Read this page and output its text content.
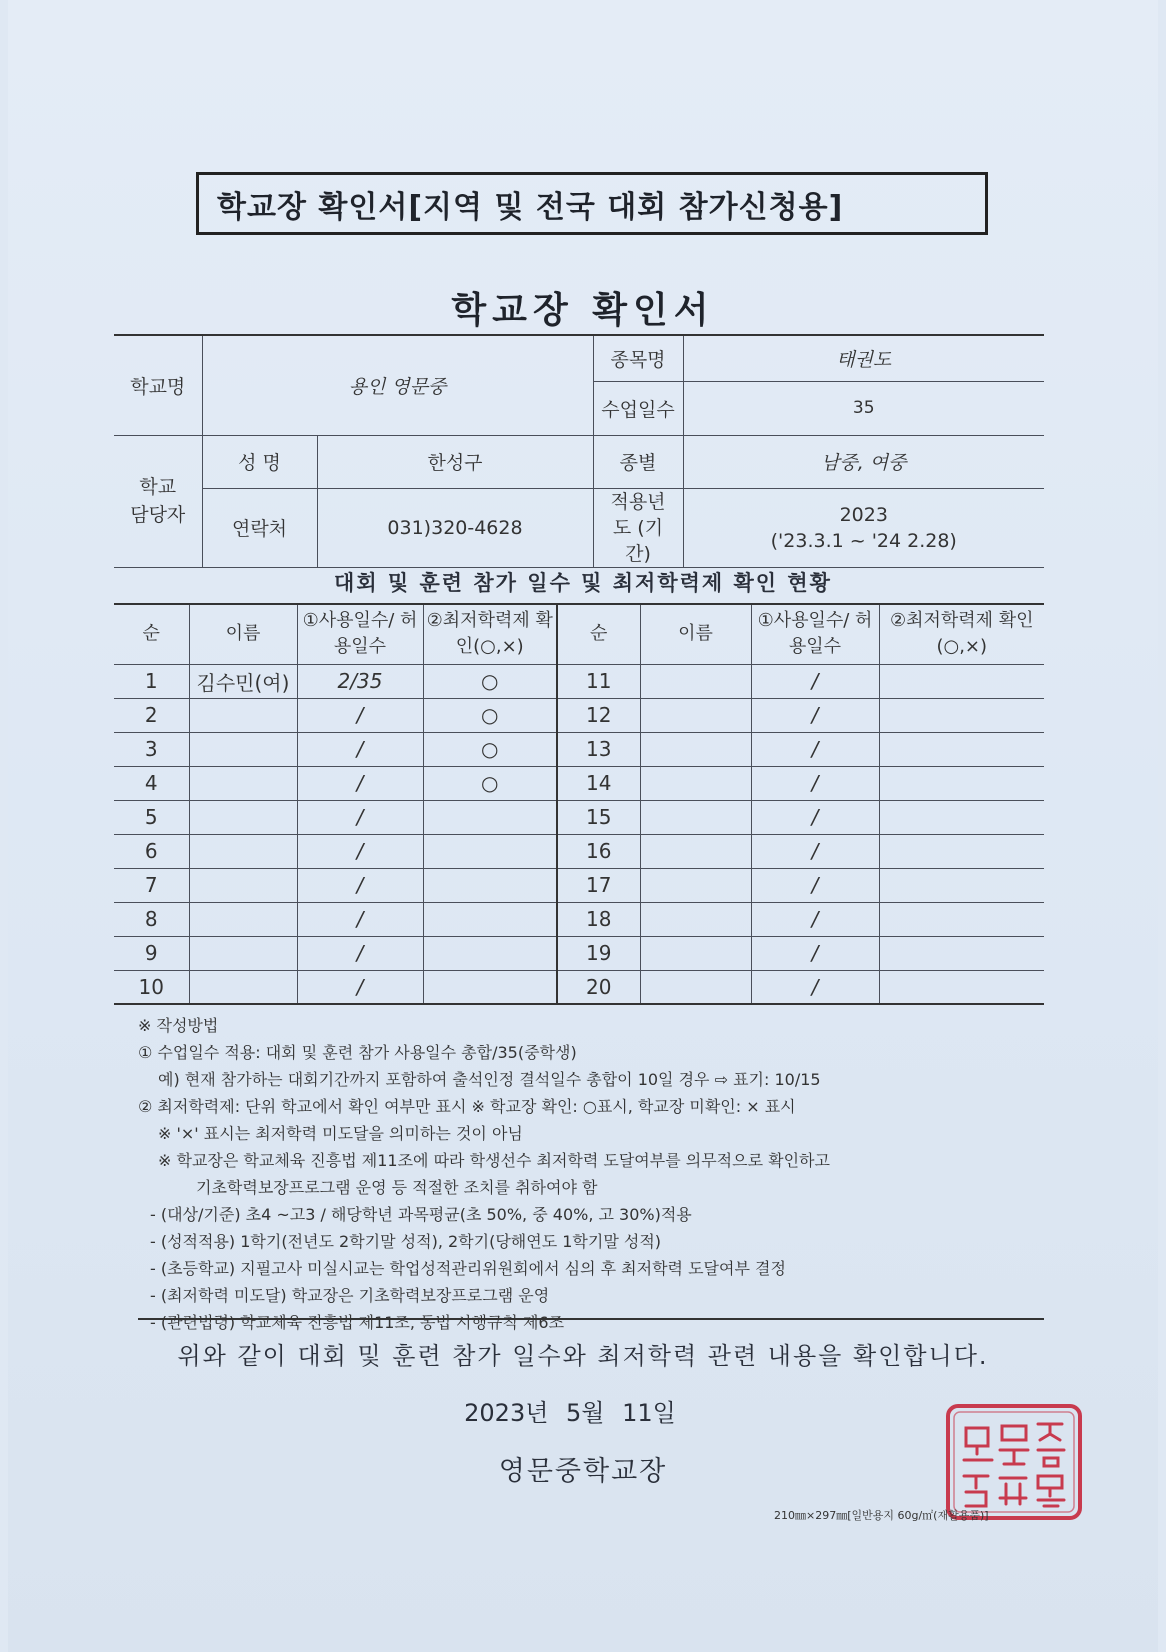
학교장 확인서[지역 및 전국 대회 참가신청용]
학교장 확인서
학교명	용인 영문중		종목명	태권도
			수업일수	35
학교 담당자	성 명	한성구	종별	남중, 여중
	연락처	031)320-4628	적용년도 (기간)	2023
('23.3.1 ~ '24 2.28)
대회 및 훈련 참가 일수 및 최저학력제 확인 현황
순	이름	①사용일수/ 허용일수	②최저학력제 확인(○,×)	순	이름	①사용일수/ 허용일수	②최저학력제 확인(○,×)
1	김수민(여)	2/35	○	11		/	
2		/	○	12		/	
3		/	○	13		/	
4		/	○	14		/	
5		/		15		/	
6		/		16		/	
7		/		17		/	
8		/		18		/	
9		/		19		/	
10		/		20		/	

※ 작성방법

① 수업일수 적용: 대회 및 훈련 참가 사용일수 총합/35(중학생)

예) 현재 참가하는 대회기간까지 포함하여 출석인정 결석일수 총합이 10일 경우 ⇨ 표기: 10/15

② 최저학력제: 단위 학교에서 확인 여부만 표시 ※ 학교장 확인: ○표시, 학교장 미확인: × 표시

※ '×' 표시는 최저학력 미도달을 의미하는 것이 아님

※ 학교장은 학교체육 진흥법 제11조에 따라 학생선수 최저학력 도달여부를 의무적으로 확인하고

기초학력보장프로그램 운영 등 적절한 조치를 취하여야 함

- (대상/기준) 초4 ~고3 / 해당학년 과목평균(초 50%, 중 40%, 고 30%)적용

- (성적적용) 1학기(전년도 2학기말 성적), 2학기(당해연도 1학기말 성적)

- (초등학교) 지필고사 미실시교는 학업성적관리위원회에서 심의 후 최저학력 도달여부 결정

- (최저학력 미도달) 학교장은 기초학력보장프로그램 운영

- (관련법령) 학교체육 진흥법 제11조, 동법 시행규칙 제6조

위와 같이 대회 및 훈련 참가 일수와 최저학력 관련 내용을 확인합니다.
2023년 5월 11일
영문중학교장
210㎜×297㎜[일반용지 60g/㎡(재활용품)]
